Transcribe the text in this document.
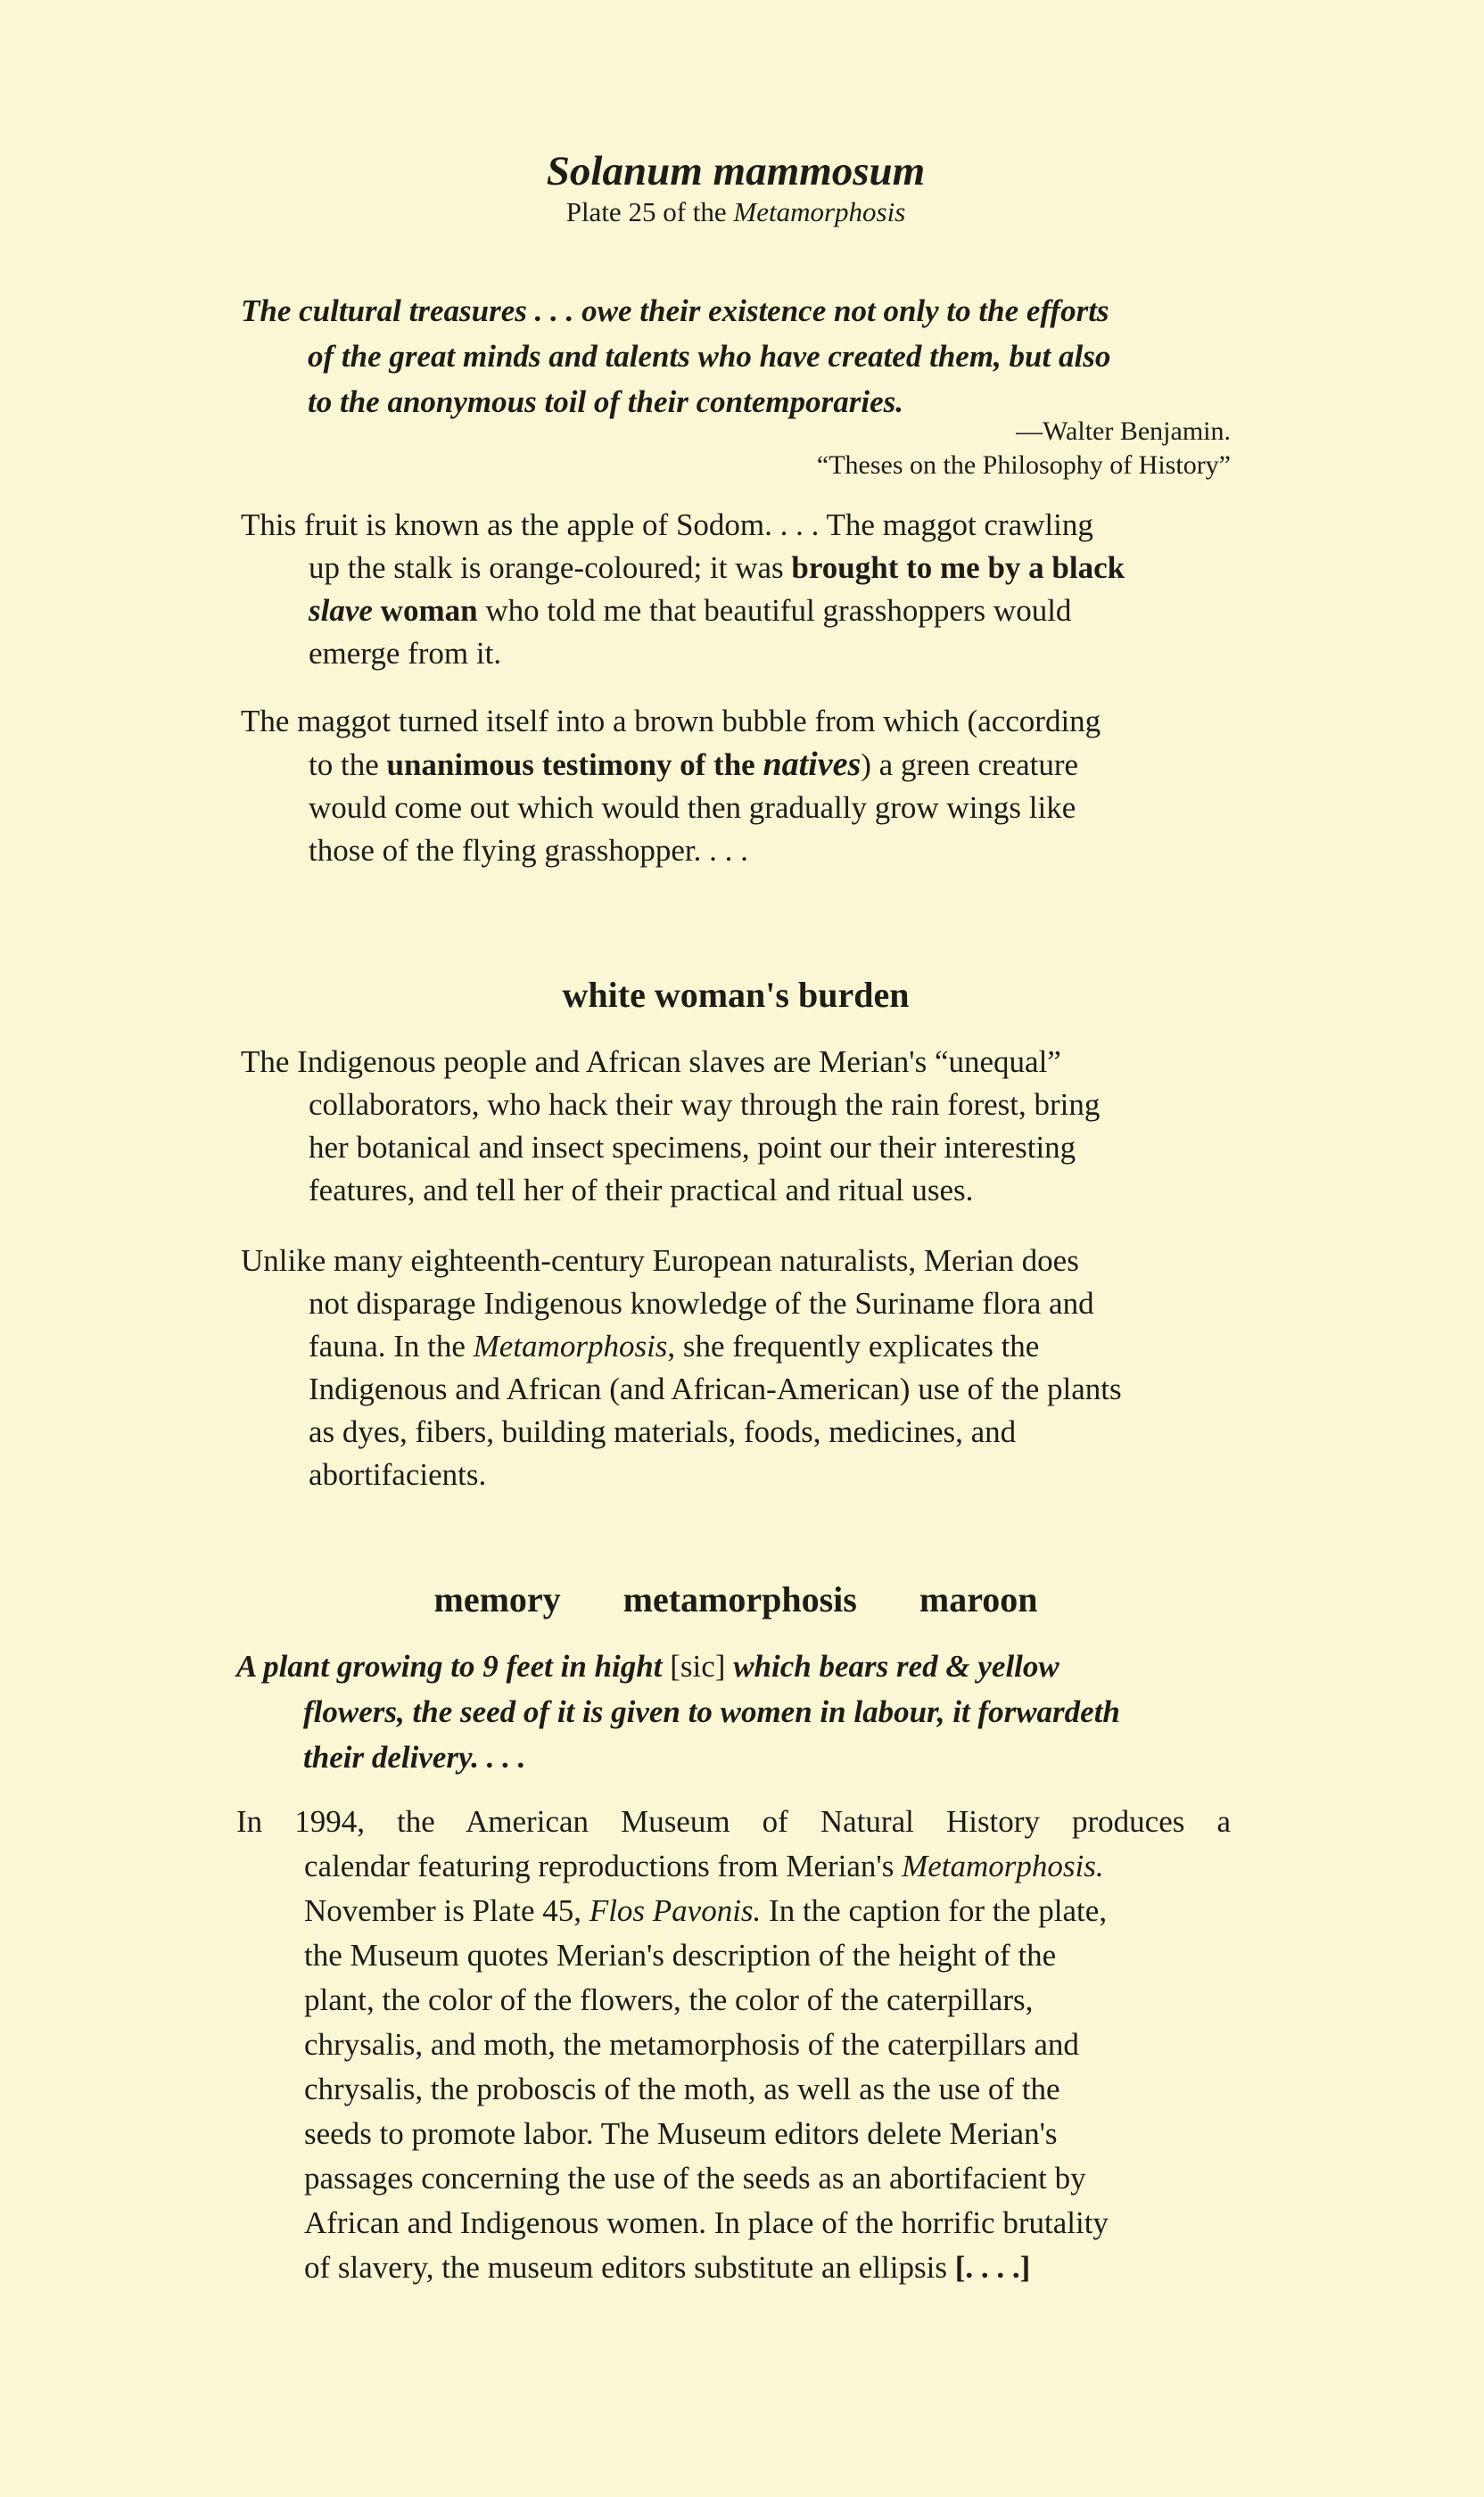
Solanum mammosum
Plate 25 of the Metamorphosis
The cultural treasures . . . owe their existence not only to the efforts
of the great minds and talents who have created them, but also
to the anonymous toil of their contemporaries.
—Walter Benjamin.
“Theses on the Philosophy of History”
This fruit is known as the apple of Sodom. . . . The maggot crawling
up the stalk is orange-coloured; it was brought to me by a black
slave woman who told me that beautiful grasshoppers would
emerge from it.
The maggot turned itself into a brown bubble from which (according
to the unanimous testimony of the natives) a green creature
would come out which would then gradually grow wings like
those of the flying grasshopper. . . .
white woman's burden
The Indigenous people and African slaves are Merian's “unequal”
collaborators, who hack their way through the rain forest, bring
her botanical and insect specimens, point our their interesting
features, and tell her of their practical and ritual uses.
Unlike many eighteenth-century European naturalists, Merian does
not disparage Indigenous knowledge of the Suriname flora and
fauna. In the Metamorphosis, she frequently explicates the
Indigenous and African (and African-American) use of the plants
as dyes, fibers, building materials, foods, medicines, and
abortifacients.
memory metamorphosis maroon
A plant growing to 9 feet in hight [sic] which bears red & yellow
flowers, the seed of it is given to women in labour, it forwardeth
their delivery. . . .
In 1994, the American Museum of Natural History produces a
calendar featuring reproductions from Merian's Metamorphosis.
November is Plate 45, Flos Pavonis. In the caption for the plate,
the Museum quotes Merian's description of the height of the
plant, the color of the flowers, the color of the caterpillars,
chrysalis, and moth, the metamorphosis of the caterpillars and
chrysalis, the proboscis of the moth, as well as the use of the
seeds to promote labor. The Museum editors delete Merian's
passages concerning the use of the seeds as an abortifacient by
African and Indigenous women. In place of the horrific brutality
of slavery, the museum editors substitute an ellipsis [. . . .]
